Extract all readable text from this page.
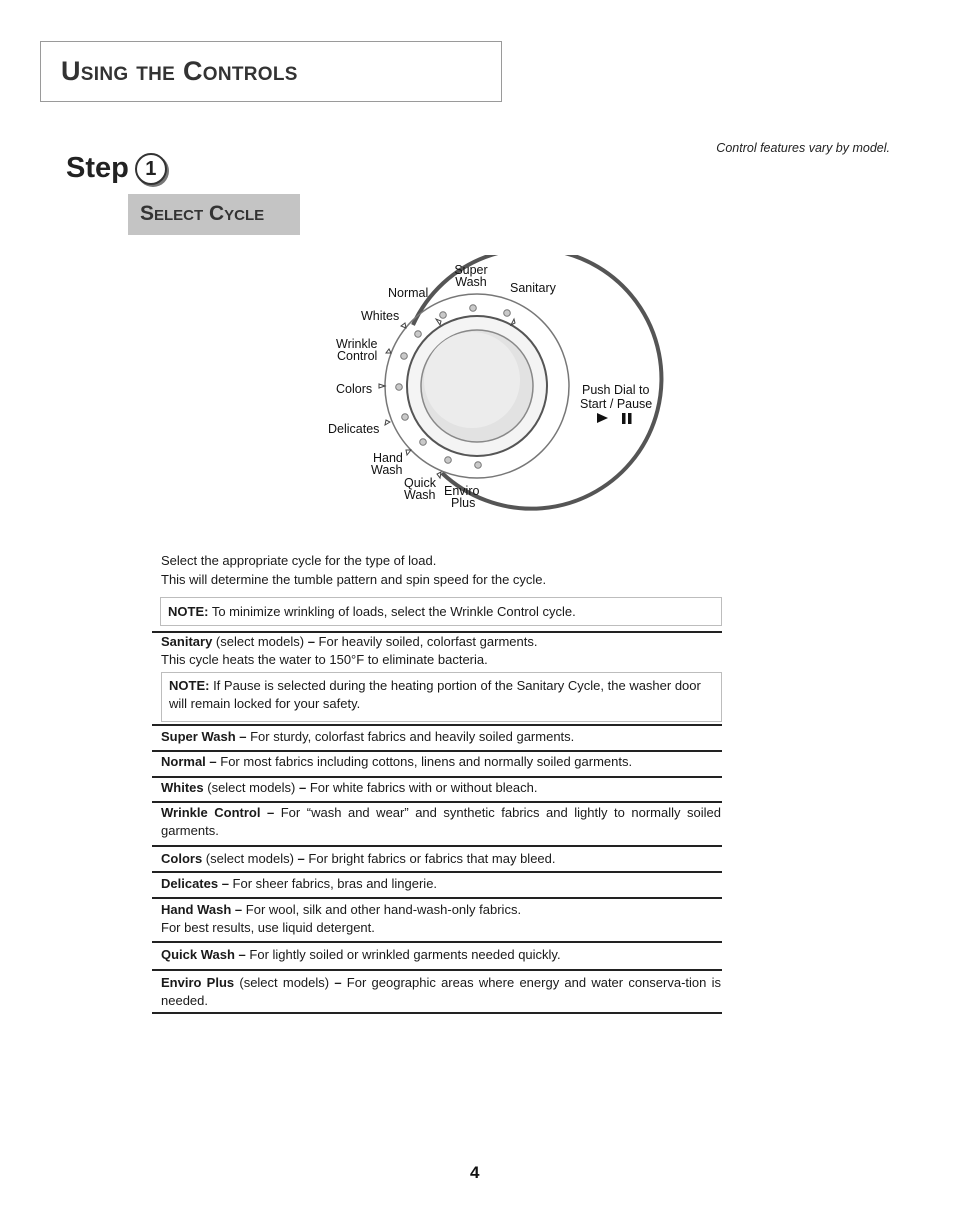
Using the Controls
Control features vary by model.
Step 1
Select Cycle
Super
Wash Sanitary
Normal
Whites
Wrinkle
Control
Colors
Delicates
Hand
Wash
Quick
Wash Enviro
Plus
Push Dial to
Start / Pause
Select the appropriate cycle for the type of load.
This will determine the tumble pattern and spin speed for the cycle.
NOTE: To minimize wrinkling of loads, select the Wrinkle Control cycle.
Sanitary (select models) – For heavily soiled, colorfast garments.
This cycle heats the water to 150°F to eliminate bacteria.
NOTE: If Pause is selected during the heating portion of the Sanitary Cycle, the washer door will remain locked for your safety.
Super Wash – For sturdy, colorfast fabrics and heavily soiled garments.
Normal – For most fabrics including cottons, linens and normally soiled garments.
Whites (select models) – For white fabrics with or without bleach.
Wrinkle Control – For “wash and wear” and synthetic fabrics and lightly to normally soiled garments.
Colors (select models) – For bright fabrics or fabrics that may bleed.
Delicates – For sheer fabrics, bras and lingerie.
Hand Wash – For wool, silk and other hand-wash-only fabrics.
For best results, use liquid detergent.
Quick Wash – For lightly soiled or wrinkled garments needed quickly.
Enviro Plus (select models) – For geographic areas where energy and water conserva-tion is needed.
4
